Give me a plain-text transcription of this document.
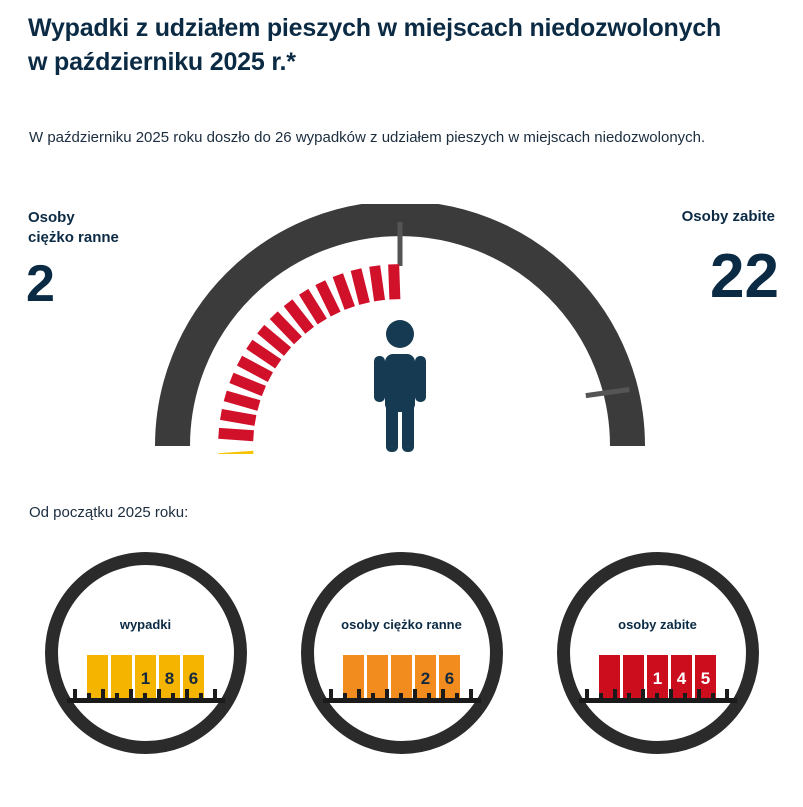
Wypadki z udziałem pieszych w miejscach niedozwolonych w październiku 2025 r.*
W październiku 2025 roku doszło do 26 wypadków z udziałem pieszych w miejscach niedozwolonych.
Osoby
ciężko ranne
2
Osoby zabite
22
Od początku 2025 roku:
wypadki
1 8 6
osoby ciężko ranne
2 6
osoby zabite
1 4 5
